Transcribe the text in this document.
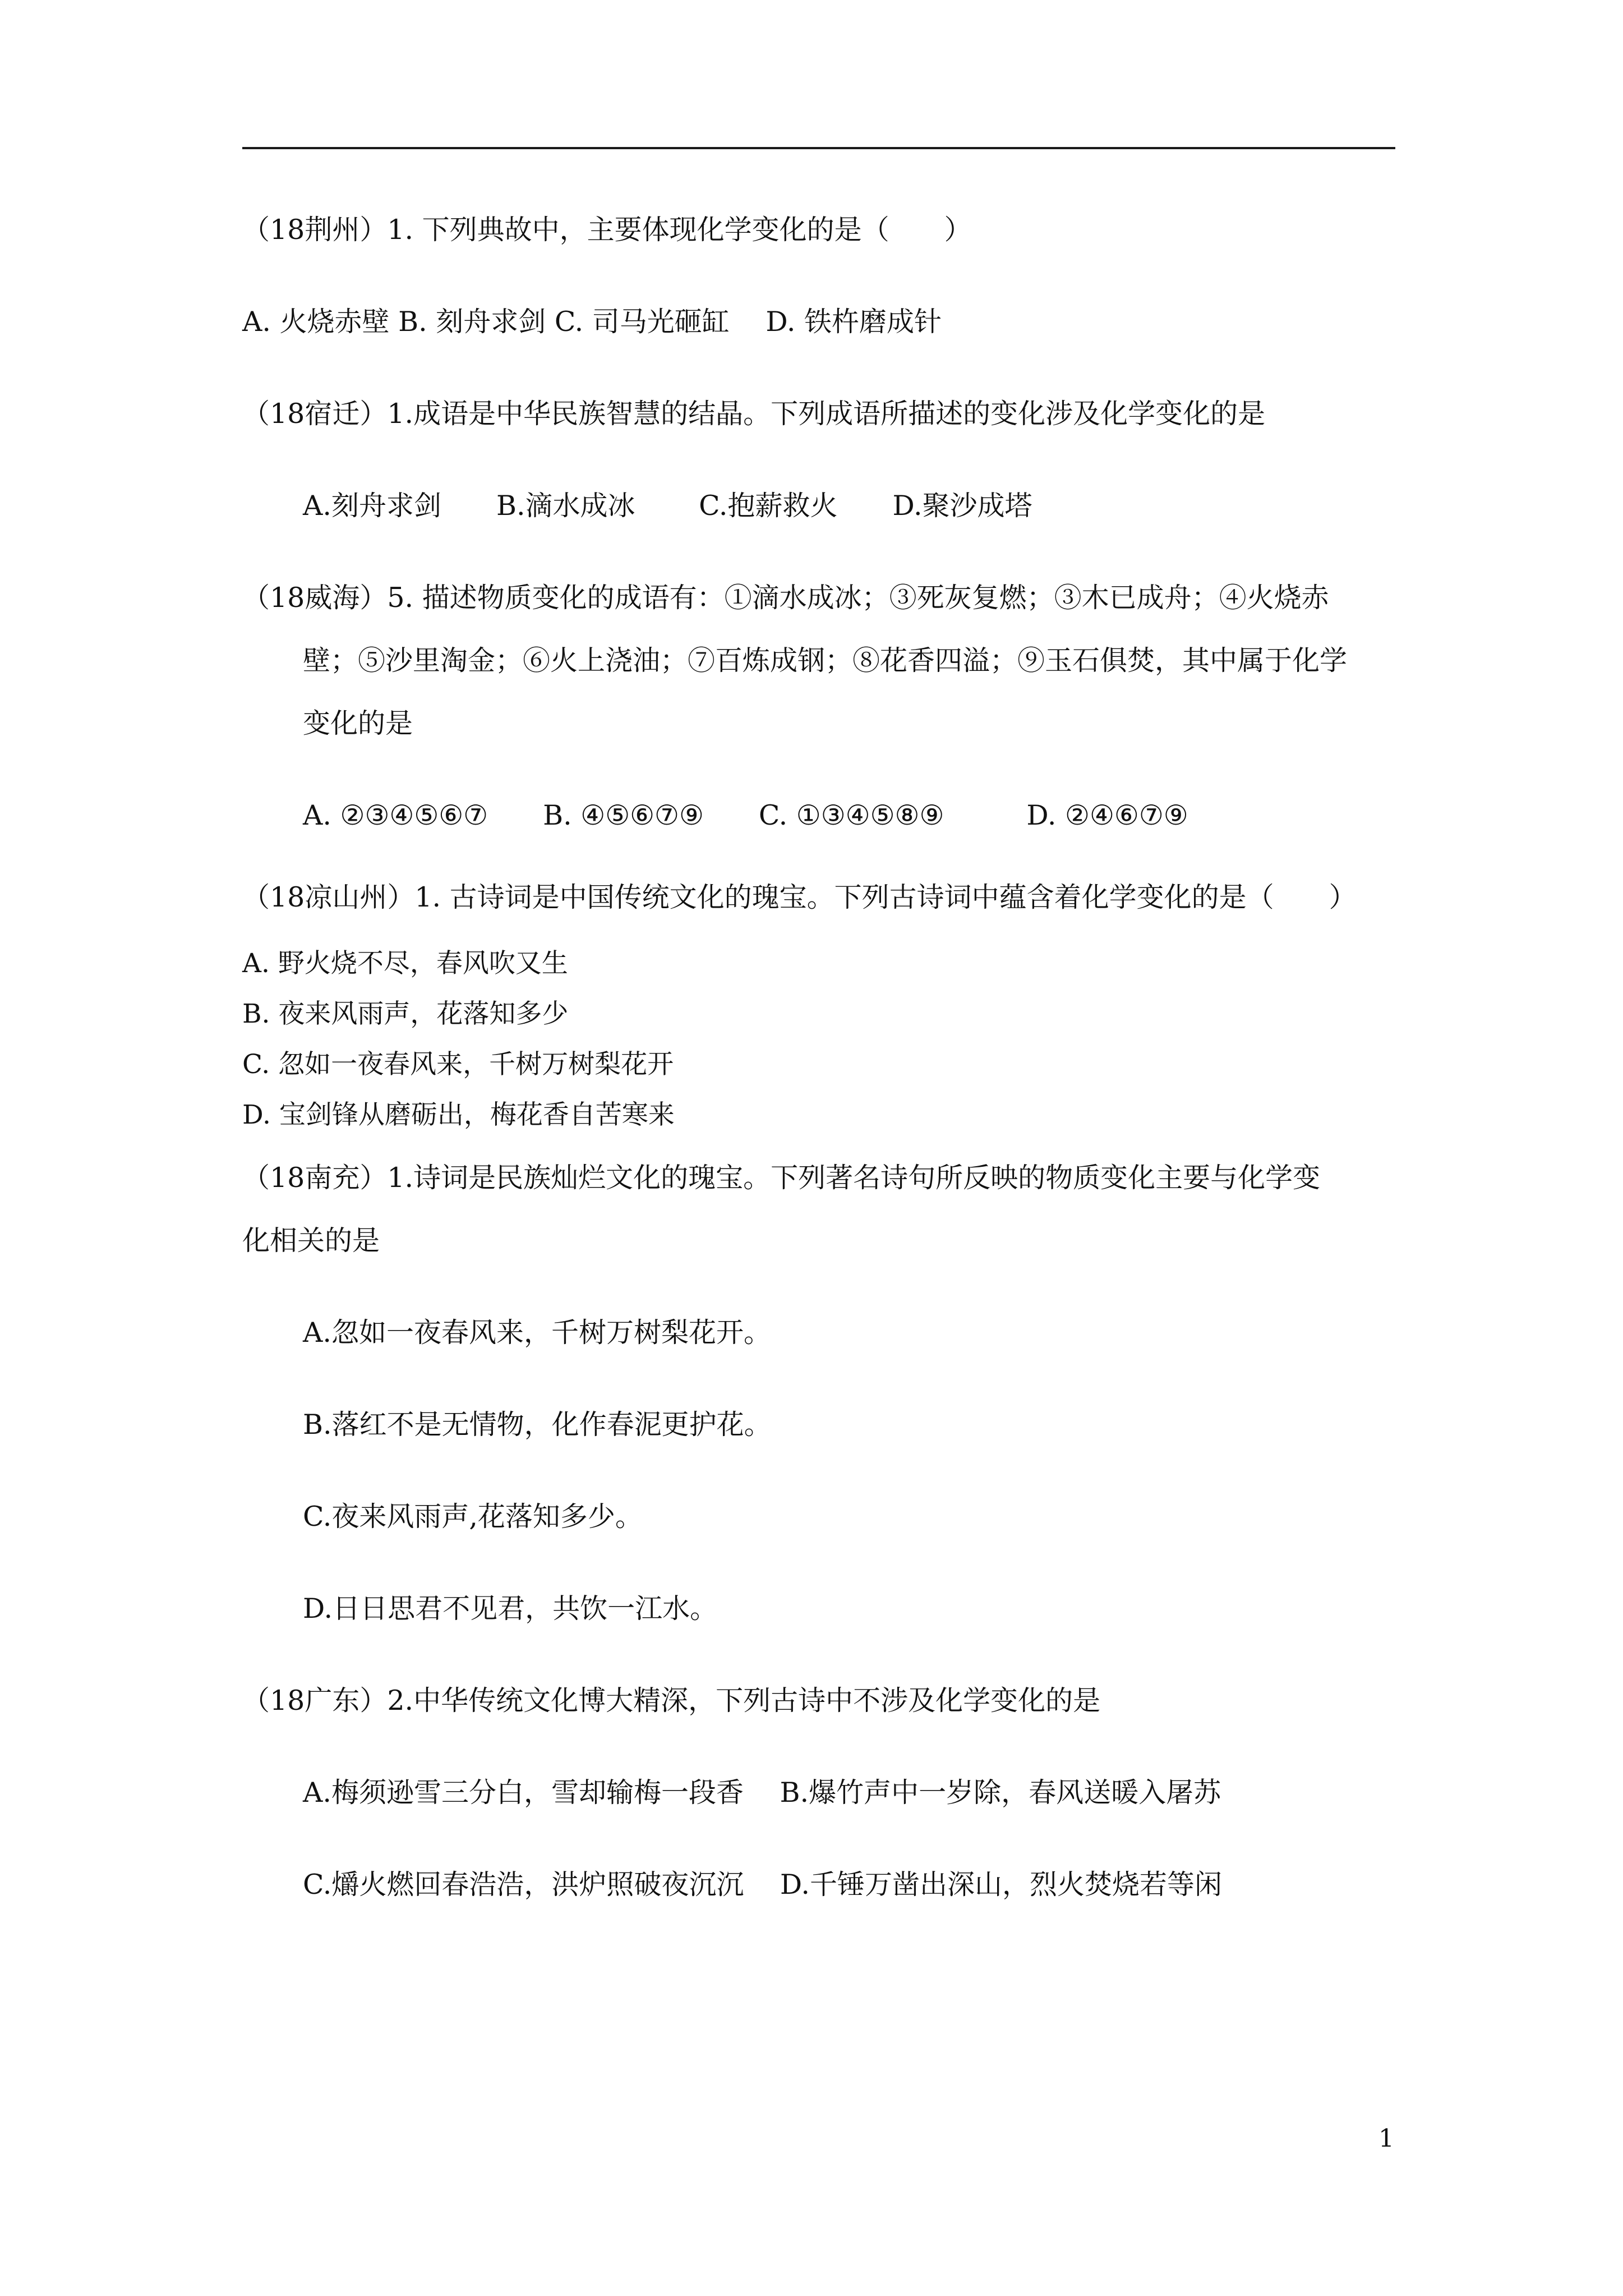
（18荆州）1. 下列典故中，主要体现化学变化的是（　　）
A. 火烧赤壁 B. 刻舟求剑 C. 司马光砸缸　 D. 铁杵磨成针
（18宿迁）1.成语是中华民族智慧的结晶。下列成语所描述的变化涉及化学变化的是
A.刻舟求剑　　B.滴水成冰　　 C.抱薪救火　　D.聚沙成塔
（18威海）5. 描述物质变化的成语有：①滴水成冰；③死灰复燃；③木已成舟；④火烧赤
壁；⑤沙里淘金；⑥火上浇油；⑦百炼成钢；⑧花香四溢；⑨玉石俱焚，其中属于化学
变化的是
A. ②③④⑤⑥⑦　　B. ④⑤⑥⑦⑨　　C. ①③④⑤⑧⑨　　　D. ②④⑥⑦⑨
（18凉山州）1. 古诗词是中国传统文化的瑰宝。下列古诗词中蕴含着化学变化的是（　　）
A. 野火烧不尽，春风吹又生
B. 夜来风雨声，花落知多少
C. 忽如一夜春风来，千树万树梨花开
D. 宝剑锋从磨砺出，梅花香自苦寒来
（18南充）1.诗词是民族灿烂文化的瑰宝。下列著名诗句所反映的物质变化主要与化学变
化相关的是
A.忽如一夜春风来，千树万树梨花开。
B.落红不是无情物，化作春泥更护花。
C.夜来风雨声,花落知多少。
D.日日思君不见君，共饮一江水。
（18广东）2.中华传统文化博大精深，下列古诗中不涉及化学变化的是
A.梅须逊雪三分白，雪却输梅一段香　 B.爆竹声中一岁除，春风送暖入屠苏
C.爝火燃回春浩浩，洪炉照破夜沉沉　 D.千锤万凿出深山，烈火焚烧若等闲
1
